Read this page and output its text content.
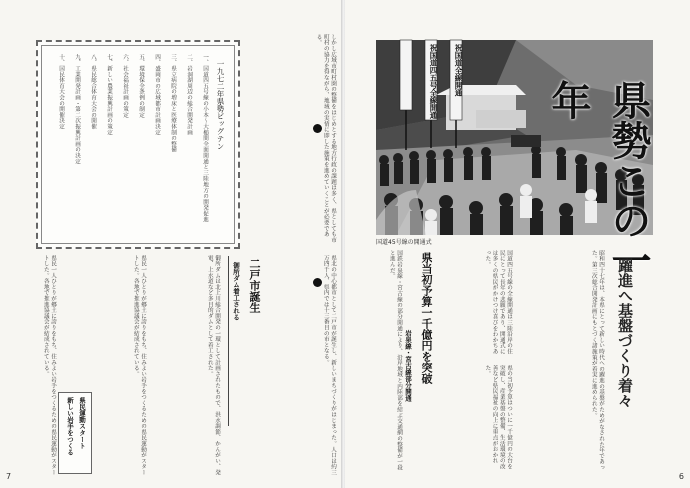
一九七二年県勢ビッグテン
一、国道四五号線の小本〜大槌間全面開通と三陸地方の開発促進
二、岩洞湖周辺の総合開発計画
三、県立病院の増床と医療体制の整備
四、盛岡市の広域都市計画決定
五、環境保全条例の制定
六、社会福祉計画の策定
七、新しい農業振興計画の策定
八、県民総合体育大会の開催
九、工業開発計画・第二次振興計画の決定
十、国民体育大会の開催決定	しかし広域市町村圏の整備をはじめとする地方行政の課題は多く、県としても市町村の協力を得ながら、地域の実情に即した施策を進めていくことが必要である。
二戸市誕生
御所ダム着工される	県北の中心都市として二戸市が誕生し、新しいまちづくりがはじまった。人口は約三万四千人、県内では十三番目の市となる。
御所ダムは北上川総合開発の一環として計画されたもので、洪水調節、かんがい、発電、上水道など多目的ダムとして着工された。
新しい岩手をつくる 県民運動スタート
県民一人ひとりが郷土に誇りをもち、住みよい岩手をつくるための県民運動がスタートした。各地で推進協議会が結成されている。	県民一人ひとりが郷土に誇りをもち、住みよい岩手をつくるための県民運動がスタートした。各地で推進協議会が結成されている。
7	6
祝国道四五号全線開通 祝国道全線開通
県勢この一年
躍進へ基盤づくり着々
国道45号線の開通式
昭和四十七年は、本県にとって新しい時代への躍進の基盤がためがなされた年であった。第三次総合開発計画にもとづく諸施策が着実に進められた。
国道四五号線の全線開通は三陸沿岸の住民にとって長年の悲願であり、開通式には多くの県民がかけつけ喜びをわかちあった。
県当初予算一千億円を突破
岩泉線・宮古線部分開通	県の当初予算はついに一千億円の大台を突破し、産業基盤の整備、生活環境の改善など県民福祉の向上に重点がおかれた。
国鉄岩泉線・宮古線の部分開通により、沿岸地域と内陸部を結ぶ交通網の整備が一段と進んだ。
